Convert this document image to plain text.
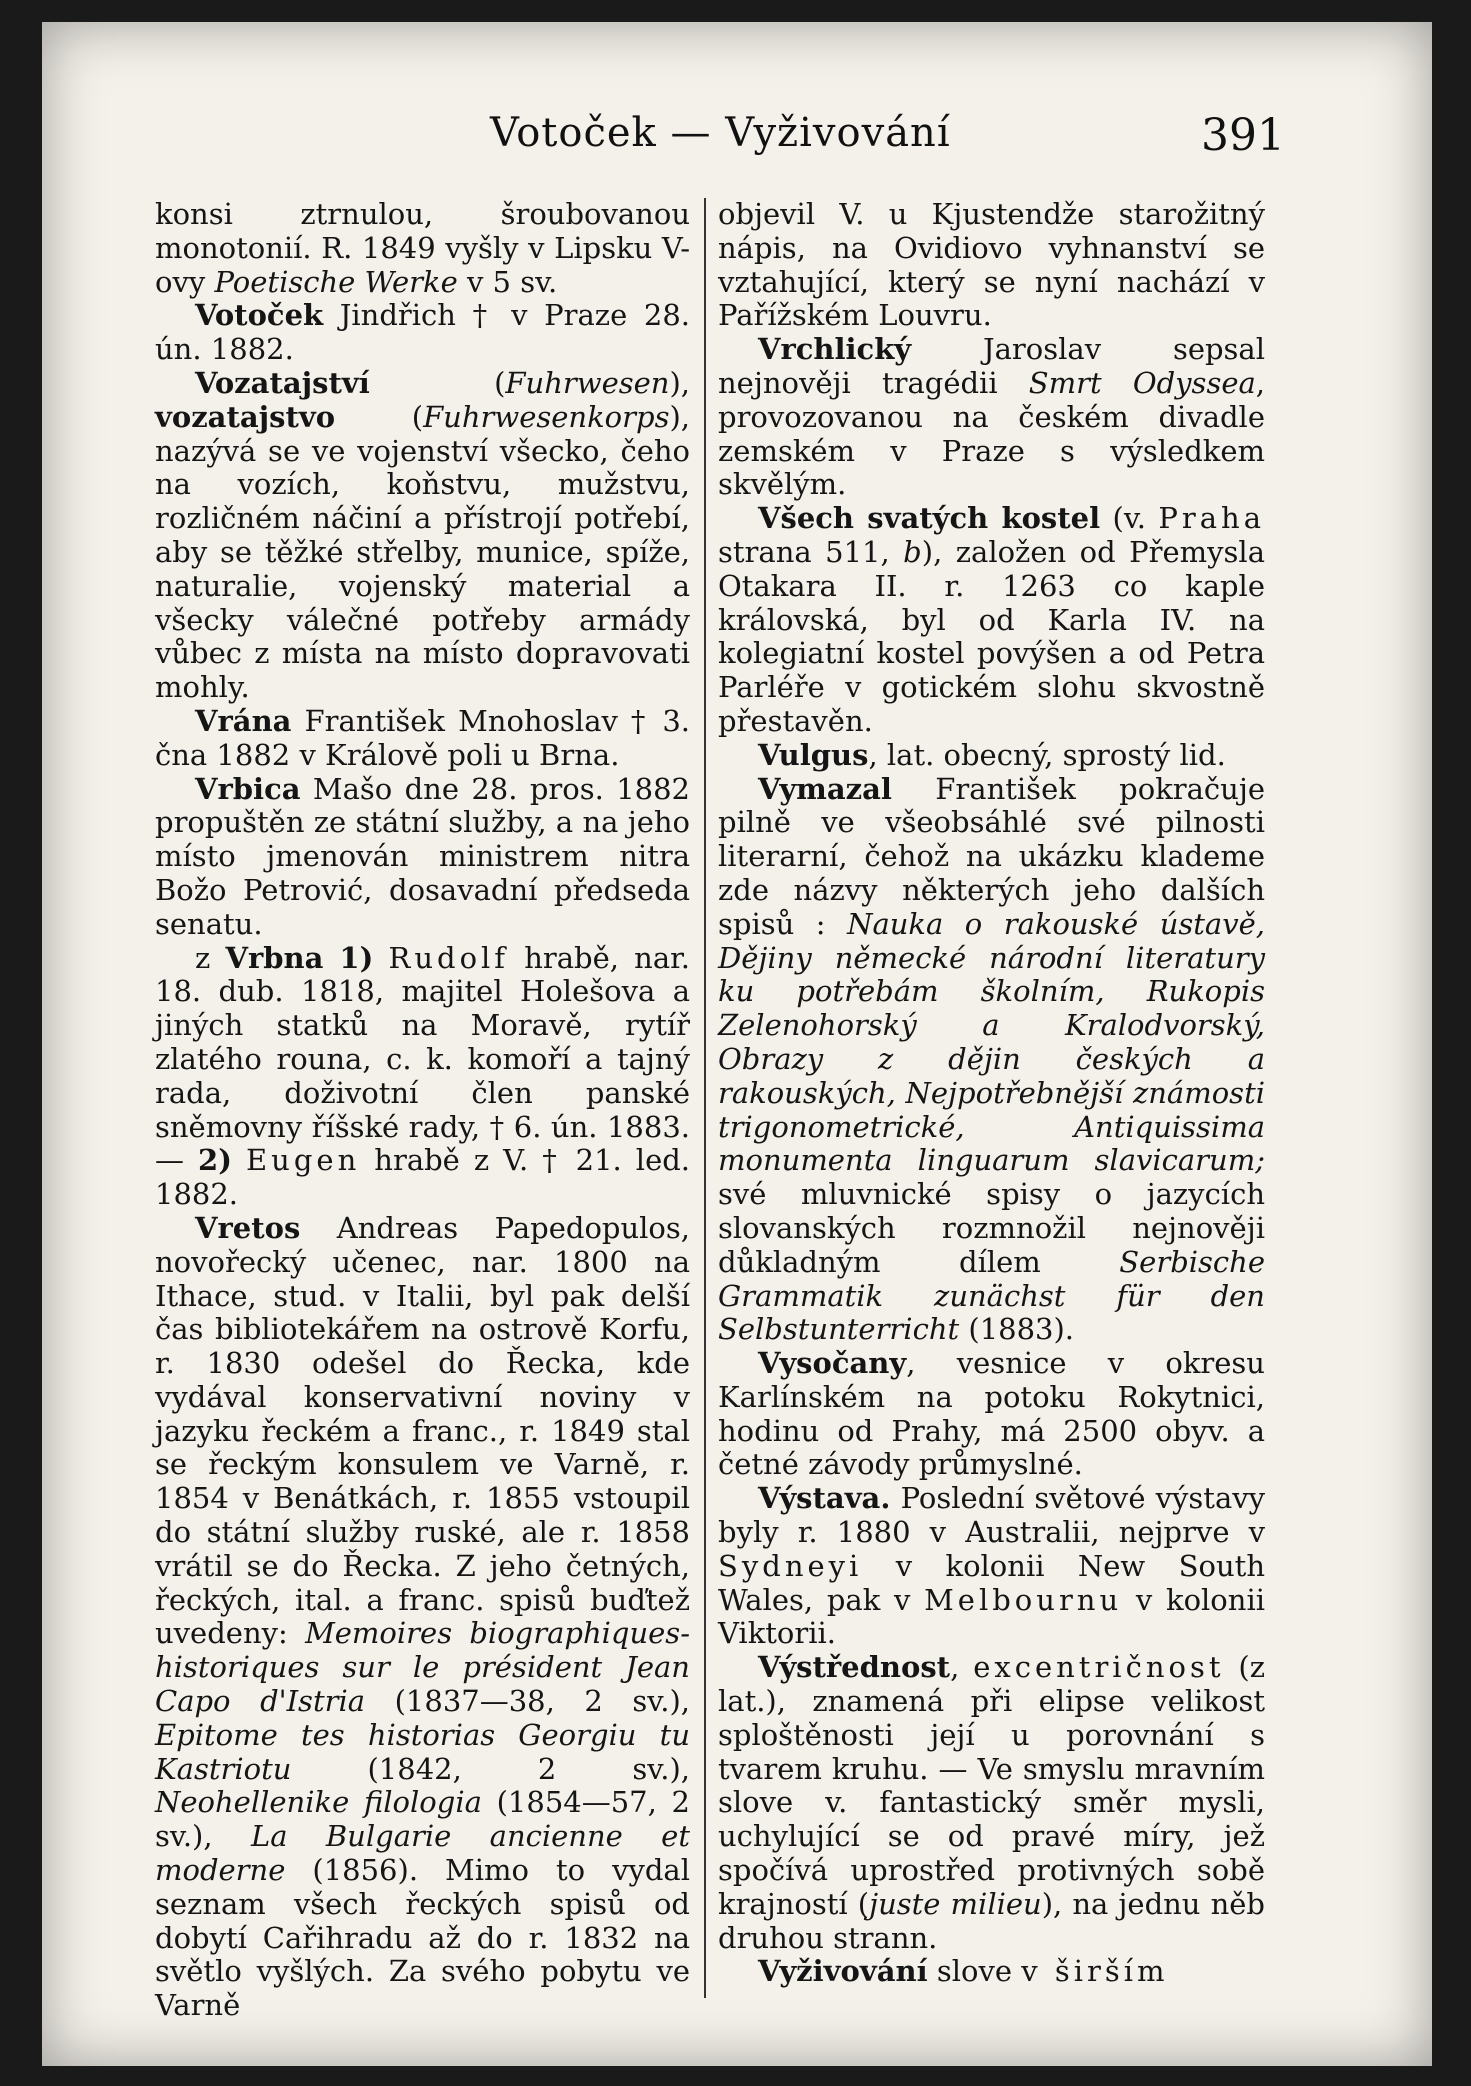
Votoček — Vyživování	391

konsi ztrnulou, šroubovanou monotonií. R. 1849 vyšly v Lipsku V-ovy Poetische Werke v 5 sv.

Votoček Jindřich † v Praze 28. ún. 1882.

Vozatajství (Fuhrwesen), vozatajstvo (Fuhrwesenkorps), nazývá se ve vojenství všecko, čeho na vozích, koňstvu, mužstvu, rozličném náčiní a přístrojí potřebí, aby se těžké střelby, munice, spíže, naturalie, vojenský material a všecky válečné potřeby armády vůbec z místa na místo dopravovati mohly.

Vrána František Mnohoslav † 3. čna 1882 v Králově poli u Brna.

Vrbica Mašo dne 28. pros. 1882 propuštěn ze státní služby, a na jeho místo jmenován ministrem nitra Božo Petrović, dosavadní předseda senatu.

z Vrbna 1) Rudolf hrabě, nar. 18. dub. 1818, majitel Holešova a jiných statků na Moravě, rytíř zlatého rouna, c. k. komoří a tajný rada, doživotní člen panské sněmovny říšské rady, † 6. ún. 1883. — 2) Eugen hrabě z V. † 21. led. 1882.

Vretos Andreas Papedopulos, novořecký učenec, nar. 1800 na Ithace, stud. v Italii, byl pak delší čas bibliotekářem na ostrově Korfu, r. 1830 odešel do Řecka, kde vydával konservativní noviny v jazyku řeckém a franc., r. 1849 stal se řeckým konsulem ve Varně, r. 1854 v Benátkách, r. 1855 vstoupil do státní služby ruské, ale r. 1858 vrátil se do Řecka. Z jeho četných, řeckých, ital. a franc. spisů buďtež uvedeny: Memoires biographiques-historiques sur le président Jean Capo d'Istria (1837—38, 2 sv.), Epitome tes historias Georgiu tu Kastriotu (1842, 2 sv.), Neohellenike filologia (1854—57, 2 sv.), La Bulgarie ancienne et moderne (1856). Mimo to vydal seznam všech řeckých spisů od dobytí Cařihradu až do r. 1832 na světlo vyšlých. Za svého pobytu ve Varně

objevil V. u Kjustendže starožitný nápis, na Ovidiovo vyhnanství se vztahující, který se nyní nachází v Pařížském Louvru.

Vrchlický Jaroslav sepsal nejnověji tragédii Smrt Odyssea, provozovanou na českém divadle zemském v Praze s výsledkem skvělým.

Všech svatých kostel (v. Praha strana 511, b), založen od Přemysla Otakara II. r. 1263 co kaple královská, byl od Karla IV. na kolegiatní kostel povýšen a od Petra Parléře v gotickém slohu skvostně přestavěn.

Vulgus, lat. obecný, sprostý lid.

Vymazal František pokračuje pilně ve všeobsáhlé své pilnosti literarní, čehož na ukázku klademe zde názvy některých jeho dalších spisů : Nauka o rakouské ústavě, Dějiny německé národní literatury ku potřebám školním, Rukopis Zelenohorský a Kralodvorský, Obrazy z dějin českých a rakouských, Nejpotřebnější známosti trigonometrické, Antiquissima monumenta linguarum slavicarum; své mluvnické spisy o jazycích slovanských rozmnožil nejnověji důkladným dílem Serbische Grammatik zunächst für den Selbstunterricht (1883).

Vysočany, vesnice v okresu Karlínském na potoku Rokytnici, hodinu od Prahy, má 2500 obyv. a četné závody průmyslné.

Výstava. Poslední světové výstavy byly r. 1880 v Australii, nejprve v Sydneyi v kolonii New South Wales, pak v Melbournu v kolonii Viktorii.

Výstřednost, excentričnost (z lat.), znamená při elipse velikost sploštěnosti její u porovnání s tvarem kruhu. — Ve smyslu mravním slove v. fantastický směr mysli, uchylující se od pravé míry, jež spočívá uprostřed protivných sobě krajností (juste milieu), na jednu něb druhou strann.

Vyživování slove v širším
